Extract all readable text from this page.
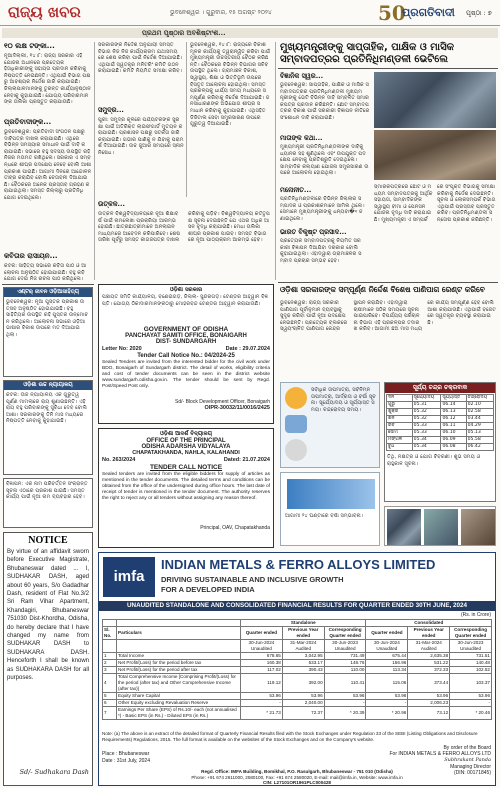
ରାଜ୍ୟ ଖବର	ଭୁବନେଶ୍ୱର । ଗୁରୁବାର, ୧୫ ଅଗଷ୍ଟ ୨୦୨୪	50
ପ୍ରଗତିବାଦୀ ପୃଷ୍ଠା : ୭
ପ୍ରଥମ ପୃଷ୍ଠାର ଅବଶିଷ୍ଟାଂଶ...
୧୦ ଲକ୍ଷ ଟଙ୍କା...
ନୂଆଦିଲ୍ଲୀ, ୧୪।୮: ରାଜ୍ୟ ସରକାର ଏହି ଯୋଜନା ଅଧୀନରେ ପ୍ରତ୍ୟେକ ହିତାଧିକାରୀଙ୍କୁ ସହାୟତା ପ୍ରଦାନ କରିବାକୁ ନିଷ୍ପତ୍ତି ନେଇଛନ୍ତି। ଏଥିପାଇଁ ବିଭାଗ ପକ୍ଷରୁ ଆବଶ୍ୟକ ନିର୍ଦ୍ଦେଶ ଜାରି କରାଯାଇଛି। ଜିଲ୍ଲାପାଳମାନଙ୍କୁ ତୁରନ୍ତ କାର୍ଯ୍ୟାନୁଷ୍ଠାନ ନେବାକୁ କୁହାଯାଇଛି। ଯୋଗ୍ୟ ପରିବାରମାନଙ୍କ ତାଲିକା ପ୍ରସ୍ତୁତ କରାଯାଉଛି।
ପ୍ରତିବାଦୀଙ୍କ...
ଭୁବନେଶ୍ୱର: ପ୍ରତିବାଦୀ ସଂଗଠନ ପକ୍ଷରୁ ଦାବିପତ୍ର ଦାଖଲ କରାଯାଇଛି। ଏଥିରେ ବିଭିନ୍ନ ସମସ୍ୟାର ସମାଧାନ ପାଇଁ ଦାବି କରାଯାଇଛି। ସଭାରେ ବହୁ ସଦସ୍ୟ ଉପସ୍ଥିତ ରହି ନିଜର ମତାମତ ରଖିଥିଲେ। ସରକାର ଏ ସମ୍ବନ୍ଧରେ ଶୀଘ୍ର ପଦକ୍ଷେପ ନେବେ ବୋଲି ଆଶା ପ୍ରକାଶ ପାଇଛି। ଆଗାମୀ ଦିନରେ ଆନ୍ଦୋଳନ ତୀବ୍ର କରାଯିବ ବୋଲି ଚେତାବନୀ ଦିଆଯାଇଛି। ବୈଠକରେ ଅନେକ ପ୍ରସ୍ତାବ ଗ୍ରହଣ କରାଯାଇଥିଲା। ସମସ୍ତ ଜିଲ୍ଲାରୁ ପ୍ରତିନିଧି ଯୋଗ ଦେଇଥିଲେ।
କବିତାର ରାସାୟନ...
କଟକ: ସାହିତ୍ୟ ସଭାରେ କବିତା ପାଠ ଓ ଆଲୋଚନା ଅନୁଷ୍ଠିତ ହୋଇଯାଇଛି। ବହୁ କବି ଯୋଗ ଦେଇ ନିଜ ରଚନା ପାଠ କରିଥିଲେ।
ସରକାରଙ୍କ ନିର୍ଦ୍ଦେଶ ଅନୁଯାୟୀ ସମସ୍ତ ବିଭାଗ ନିଜ ନିଜ କାର୍ଯ୍ୟକ୍ରମ ଯଥାସମୟରେ ଶେଷ କରିବା ପାଇଁ ନିର୍ଦ୍ଦେଶ ଦିଆଯାଇଛି। ଏଥିପାଇଁ ସ୍ୱତନ୍ତ୍ର ମନିଟରିଂ କମିଟି ଗଠନ କରାଯାଇଛି। କମିଟି ନିୟମିତ ସମୀକ୍ଷା କରିବ।
ସମୁଦ୍ର...
ପୁରୀ: ସମୁଦ୍ର କୂଳରେ ପର୍ଯ୍ୟଟକଙ୍କ ସୁରକ୍ଷା ପାଇଁ ଅତିରିକ୍ତ ଲାଇଫଗାର୍ଡ ମୁତୟନ କରାଯାଇଛି। ପ୍ରଶାସନ ପକ୍ଷରୁ ସତର୍କତା ଜାରି କରାଯାଇଛି। ଗଭୀର ପାଣିକୁ ନ ଯିବାକୁ ପରାମର୍ଶ ଦିଆଯାଇଛି। ଉଚ୍ଚ ଜୁଆର ସମୟରେ ସ୍ନାନ ନିଷେଧ।
ଭୁବନେଶ୍ୱର, ୧୪।୮: ରାଜ୍ୟରେ ବିକାଶମୂଳକ କାର୍ଯ୍ୟକୁ ତ୍ୱରାନ୍ୱିତ କରିବା ପାଇଁ ମୁଖ୍ୟମନ୍ତ୍ରୀ ଉଚ୍ଚସ୍ତରୀୟ ବୈଠକ କରିଛନ୍ତି। ବୈଠକରେ ବିଭିନ୍ନ ବିଭାଗର ସଚିବ ଉପସ୍ଥିତ ଥିଲେ। ଗ୍ରାମାଞ୍ଚଳ ବିକାଶ, ସ୍ୱାସ୍ଥ୍ୟ, ଶିକ୍ଷା ଓ ଭିତ୍ତିଭୂମି ଉପରେ ବିସ୍ତୃତ ଆଲୋଚନା ହୋଇଥିଲା। ସମସ୍ତ ପ୍ରକଳ୍ପକୁ ଧାର୍ଯ୍ୟ ସମୟ ମଧ୍ୟରେ ସମ୍ପୂର୍ଣ୍ଣ କରିବାକୁ ନିର୍ଦ୍ଦେଶ ଦିଆଯାଇଛି। ଜନସାଧାରଣଙ୍କ ଅଭିଯୋଗ ଶୀଘ୍ର ସମାଧାନ କରିବାକୁ କୁହାଯାଇଛି। ଏଥିସହିତ ଡିଜିଟାଲ ସେବା ସମ୍ପ୍ରସାରଣ ଉପରେ ଗୁରୁତ୍ୱ ଦିଆଯାଇଛି।
ଉତ୍କଳ...
ଉତ୍କଳ ବିଶ୍ୱବିଦ୍ୟାଳୟରେ ନୂଆ ଶିକ୍ଷାବର୍ଷ ପାଇଁ ନାମଲେଖା ପ୍ରକ୍ରିୟା ଆରମ୍ଭ ହୋଇଛି। ଛାତ୍ରଛାତ୍ରୀମାନେ ଅନଲାଇନ ମାଧ୍ୟମରେ ଆବେଦନ କରିପାରିବେ। ଶେଷ ତାରିଖ ପୂର୍ବରୁ ସମସ୍ତ କାଗଜପତ୍ର ଦାଖଲ କରିବାକୁ ପଡ଼ିବ। ବିଶ୍ୱବିଦ୍ୟାଳୟ କର୍ତ୍ତୃପକ୍ଷ ସୂଚନା ଦେଇଛନ୍ତି ଯେ ଏଥର ଅଧିକ ଆସନ ବୃଦ୍ଧି କରାଯାଇଛି। ମେଧା ତାଲିକା ଶୀଘ୍ର ପ୍ରକାଶ ପାଇବ। ସମସ୍ତ ବିଭାଗରେ ନୂଆ ପାଠ୍ୟକ୍ରମ ଆରମ୍ଭ ହେବ।
ମୁଖ୍ୟମନ୍ତ୍ରୀଙ୍କୁ ସାପ୍ତାହିକ, ପାକ୍ଷିକ ଓ ମାସିକ ସମ୍ବାଦପତ୍ରର ପ୍ରତିନିଧିମଣ୍ଡଳୀ ଭେଟିଲେ
ବିଜ୍ଞାନିକ ସ୍ୱର...
ଭୁବନେଶ୍ୱର: ସାପ୍ତାହିକ, ପାକ୍ଷିକ ଓ ମାସିକ ସମ୍ବାଦପତ୍ରର ପ୍ରତିନିଧିମଣ୍ଡଳୀ ମୁଖ୍ୟମନ୍ତ୍ରୀଙ୍କୁ ଭେଟି ବିଭିନ୍ନ ଦାବି ସମ୍ବଳିତ ସ୍ମାରକପତ୍ର ପ୍ରଦାନ କରିଛନ୍ତି। ଛୋଟ ସମ୍ବାଦପତ୍ରର ବିକାଶ ପାଇଁ ସରକାରୀ ବିଜ୍ଞାପନ ନୀତିରେ ସଂଶୋଧନ ଦାବି କରାଯାଇଛି।
ମାତାଙ୍କ କଥା...
ମୁଖ୍ୟମନ୍ତ୍ରୀ ପ୍ରତିନିଧିମଣ୍ଡଳୀଙ୍କ ଦାବିକୁ ଧ୍ୟାନର ସହ ଶୁଣିଥିଲେ ଏବଂ ଉପଯୁକ୍ତ ପଦକ୍ଷେପ ନେବାକୁ ପ୍ରତିଶ୍ରୁତି ଦେଇଥିଲେ। ସାମ୍ବାଦିକ କଲ୍ୟାଣ ଯୋଜନା ସମ୍ପ୍ରସାରଣ ଉପରେ ଆଲୋଚନା ହୋଇଥିଲା।
ମନୋନୀତ...
ପ୍ରତିନିଧିମଣ୍ଡଳୀରେ ବିଭିନ୍ନ ଜିଲ୍ଲାର ସମ୍ପାଦକ ଓ ପ୍ରକାଶକମାନେ ସାମିଲ ଥିଲେ। ସେମାନେ ମୁଖ୍ୟମନ୍ତ୍ରୀଙ୍କୁ ଧନ୍ୟବା�দ ଜଣାଇଥିଲେ।
ଭାରତ ବିକୃଷ୍ଟ ପ୍ରସାଦ...
ପ୍ରତ୍ୟେକ ସମ୍ବାଦପତ୍ରକୁ ନିୟମିତ ସରକାରୀ ବିଜ୍ଞାପନ ଦିଆଯିବା ଦରକାର ବୋଲି କୁହାଯାଇଥିଲା। ଏହାଦ୍ୱାରା ଗ୍ରାମାଞ୍ଚଳର ସମ୍ବାଦ ପ୍ରଚାର ସମ୍ଭବ ହେବ।
ସ୍ମାରକପତ୍ରରେ ଛୋଟ ଓ ମଧ୍ୟମ ସମ୍ବାଦପତ୍ରକୁ ଆର୍ଥିକ ସହାୟତା, ସାମ୍ବାଦିକଙ୍କ ସ୍ୱାସ୍ଥ୍ୟ ବୀମା ଓ ପେନସନ ଯୋଜନା ବୃଦ୍ଧି ଦାବି କରାଯାଇଛି। ମୁଖ୍ୟମନ୍ତ୍ରୀ ଏ ସମ୍ପର୍କରେ ସଂପୃକ୍ତ ବିଭାଗକୁ ସମୀକ୍ଷା କରିବାକୁ ନିର୍ଦ୍ଦେଶ ଦେଇଛନ୍ତି। ସୂଚନା ଓ ଲୋକସମ୍ପର୍କ ବିଭାଗ ଏଥିପାଇଁ ପ୍ରସ୍ତାବ ପ୍ରସ୍ତୁତ କରିବ। ପ୍ରତିନିଧିମଣ୍ଡଳୀ ସନ୍ତୋଷ ପ୍ରକାଶ କରିଛନ୍ତି।
ଓଡ଼ିଶା ସରକାରଙ୍କ ସମ୍ପୂର୍ଣ୍ଣ ନିର୍ଦ୍ଦେଶ ବିଶେଷ ପାଣିପାଗ ରେଣ୍ଟ କରିବେ
ଭୁବନେଶ୍ୱର: ରାଜ୍ୟ ସରକାର ପାଣିପାଗ ପୂର୍ବାନୁମାନ ବ୍ୟବସ୍ଥାକୁ ସୁଦୃଢ କରିବା ପାଇଁ ନୂଆ ପଦକ୍ଷେପ ନେଇଛନ୍ତି। ପ୍ରତ୍ୟେକ ବ୍ଲକରେ ସ୍ୱୟଂଚାଳିତ ପାଣିପାଗ କେନ୍ଦ୍ର ସ୍ଥାପନ କରାଯିବ। ଏହାଦ୍ୱାରା ଚାଷୀମାନେ ସଠିକ ସମୟରେ ସୂଚନା ପାଇପାରିବେ। ବିପର୍ଯ୍ୟୟ ପରିଚାଳନା ବିଭାଗ ଏହି ପ୍ରକଳ୍ପର ତଦାରଖ କରିବ। ଆଗାମୀ ଛଅ ମାସ ମଧ୍ୟରେ କାର୍ଯ୍ୟ ସମ୍ପୂର୍ଣ୍ଣ ହେବ ବୋଲି ଆଶା କରାଯାଉଛି। ଏଥିପାଇଁ ବଜେଟରେ ସ୍ୱତନ୍ତ୍ର ବ୍ୟବସ୍ଥା କରାଯାଇଛି।
ଏଣ୍ଟର୍ ଜୀବନ ଓଡ଼ିଆସାହିତ୍ୟ
ଭୁବନେଶ୍ୱର: ନୂଆ ପୁସ୍ତକ ପ୍ରକାଶ ଉତ୍ସବ ଅନୁଷ୍ଠିତ ହୋଇଯାଇଛି। ବହୁ ସାହିତ୍ୟିକ ଉପସ୍ଥିତ ରହି ପୁସ୍ତକ ଉନ୍ମୋଚନ କରିଥିଲେ। ଆଲୋଚନା ସଭାରେ ଓଡ଼ିଆ ଭାଷାର ବିକାଶ ଉପରେ ମତ ଦିଆଯାଇଥିଲା।
ଓଡ଼ିଶା ଉଚ୍ଚ ନ୍ୟାୟାଳୟ
କଟକ: ଉଚ୍ଚ ନ୍ୟାୟାଳୟ ଏକ ଗୁରୁତ୍ୱପୂର୍ଣ୍ଣ ମାମଲାରେ ରାୟ ଶୁଣାଇଛନ୍ତି। ଏହି ରାୟ ବହୁ ପରିବାରଙ୍କୁ ସୁବିଧା ଦେବ ବୋଲି ଆଶା। ସରକାରଙ୍କୁ ତିନି ମାସ ମଧ୍ୟରେ ନିଷ୍ପତ୍ତି ନେବାକୁ କୁହାଯାଇଛି।
ବିଜ୍ଞାପନ: ଏକ ନାମ ପରିବର୍ତ୍ତନ ସଂକ୍ରାନ୍ତ ସୂଚନା ଏଠାରେ ପ୍ରକାଶ ପାଇଛି। ସମସ୍ତ କାର୍ଯ୍ୟ ପାଇଁ ନୂଆ ନାମ ବ୍ୟବହାର ହେବ।
NOTICE
By virtue of an affidavit sworn before Executive Magistrate, Bhubaneswar dated ... I, SUDHAKAR DASH, aged about 60 years, S/o Gadadhar Dash, resident of Flat No.3/2 Sri Ram Vihar Apartment, Khandagiri, Bhubaneswar 751030 Dist-Khordha, Odisha, do hereby declare that I have changed my name from SUDHAKAR DASH to SUDHAKARA DASH. Henceforth I shall be known as SUDHAKARA DASH for all purposes.
Sd/- Sudhakara Dash
ଓଡ଼ିଶା ସରକାର
ପଞ୍ଚାୟତ ସମିତି କାର୍ଯ୍ୟାଳୟ, ବଣେଇଗଡ଼, ଜିଲ୍ଲା- ସୁନ୍ଦରଗଡ଼। ଟେଣ୍ଡର ଆହ୍ୱାନ ବିଜ୍ଞପ୍ତି। ଯୋଗ୍ୟ ଠିକାଦାରମାନଙ୍କଠାରୁ ମୋହରବନ୍ଦ ଟେଣ୍ଡର ଆହ୍ୱାନ କରାଯାଉଛି।
GOVERNMENT OF ODISHA
PANCHAYAT SAMITI OFFICE, BONAIGARH
DIST- SUNDARGARH
Letter No: 2020	Date : 29.07.2024
Tender Call Notice No.: 04/2024-25
Sealed Tenders are invited from the interested bidder for the civil work under BDO, Bonaigarh of Sundargarh district. The detail of works, eligibility criteria and cost of tender documents can be seen in the district website www.sundargarh.odisha.gov.in. The tender should be sent by Regd. Post/Speed Post only.
Sd/- Block Development Officer, Bonaigarh
OIPR-30032/11/0016/2425
ଓଡ଼ିଶା ଆଦର୍ଶ ବିଦ୍ୟାଳୟ
OFFICE OF THE PRINCIPAL
ODISHA ADARSHA VIDYALAYA
CHAPATAKHANDA, NAHLA, KALAHANDI
No. 263/2024	Dated: 21.07.2024
TENDER CALL NOTICE
Sealed tenders are invited from the eligible bidders for supply of articles as mentioned in the tender documents. The detailed terms and conditions can be obtained from the office of the undersigned during office hours. The last date of receipt of tender is mentioned in the tender document. The authority reserves the right to reject any or all tenders without assigning any reason thereof.
Principal, OAV, Chapatakhanda
ସର୍ବାଧିକ ତାପମାତ୍ରା, ସର୍ବନିମ୍ନ ତାପମାତ୍ରା, ଆର୍ଦ୍ରତା ଓ ବର୍ଷା ସୂଚନା। ସୂର୍ଯ୍ୟୋଦୟ ଓ ସୂର୍ଯ୍ୟାସ୍ତ ସମୟ। ଚନ୍ଦ୍ରୋଦୟ ସମୟ।
ସୂର୍ଯ୍ୟ ଚନ୍ଦ୍ର ଚକ୍ରବାକ
ଦିନ	ସୂର୍ଯ୍ୟୋଦୟ	ସୂର୍ଯ୍ୟାସ୍ତ	ଚନ୍ଦ୍ରୋଦୟ
ଗୁରୁ	05.31	06.14	02.10
ଶୁକ୍ର	05.32	06.13	02.58
ଶନି	05.32	06.12	03.44
ରବି	05.33	06.11	04.29
ସୋମ	05.33	06.10	05.13
ମଙ୍ଗଳ	05.34	06.09	05.58
ବୁଧ	05.34	06.08	06.42
ତିଥି, ନକ୍ଷତ୍ର ଓ ଯୋଗ ବିବରଣୀ। ଶୁଭ ସମୟ ଓ ରାହୁକାଳ ସୂଚନା।
ଆଗାମୀ ୨୪ ଘଣ୍ଟାରେ ବର୍ଷା ସମ୍ଭାବନା।
imfa
INDIAN METALS & FERRO ALLOYS LIMITED
DRIVING SUSTAINABLE AND INCLUSIVE GROWTH
FOR A DEVELOPED INDIA
UNAUDITED STANDALONE AND CONSOLIDATED FINANCIAL RESULTS FOR QUARTER ENDED 30TH JUNE, 2024
(Rs. in Crore)
		Standalone			Consolidated		
Sl. No.	Particulars	Quarter ended	Previous Year ended	Corresponding Quarter ended	Quarter ended	Previous Year ended	Corresponding Quarter ended
		30-Jun-2024 Unaudited	31-Mar-2024 Audited	30-Jun-2023 Unaudited	30-Jun-2024 Unaudited	31-Mar-2024 Audited	30-Jun-2023 Unaudited
1	Total Income	678.65	3,042.95	731.49	675.44	2,635.38	731.51
2	Net Profit/(Loss) for the period before tax	160.38	533.17	148.76	156.96	531.22	140.48
3	Net Profit/(Loss) for the period after tax	117.02	390.43	110.00	113.34	372.33	102.52
4	Total Comprehensive Income [Comprising Profit/(Loss) for the period (after tax) and Other Comprehensive Income (after tax)]	119.12	392.00	110.41	115.06	373.44	103.37
5	Equity Share Capital	53.96	53.96	53.96	53.96	53.96	53.96
6	Other Equity excluding Revaluation Reserve	-	2,040.00	-	-	2,006.23	-
7	Earnings Per Share (EPS) of Rs.10/- each (not annualised *) - Basic EPS (in Rs.) - Diluted EPS (in Rs.)	* 21.73	72.37	* 20.39	* 20.96	73.12	* 20.46
Note: (a) The above is an extract of the detailed format of Quarterly Financial Results filed with the Stock Exchanges under Regulation 33 of the SEBI (Listing Obligations and Disclosure Requirements) Regulations, 2015. The full format is available on the websites of the Stock Exchanges and on the Company's website.
Place : Bhubaneswar
Date : 31st July, 2024
By order of the Board
For INDIAN METALS & FERRO ALLOYS LTD
Subhrakant Panda
Managing Director
(DIN: 00171845)
Regd. Office: IMFA Building, Bomikhal, P.O. Rasulgarh, Bhubaneswar - 751 010 (Odisha)
Phone: +91 674 2611000, 2580100, Fax: +91 674 2580020, E-mail: mail@imfa.in, Website: www.imfa.in
CIN: L27101OR1961PLC000428
